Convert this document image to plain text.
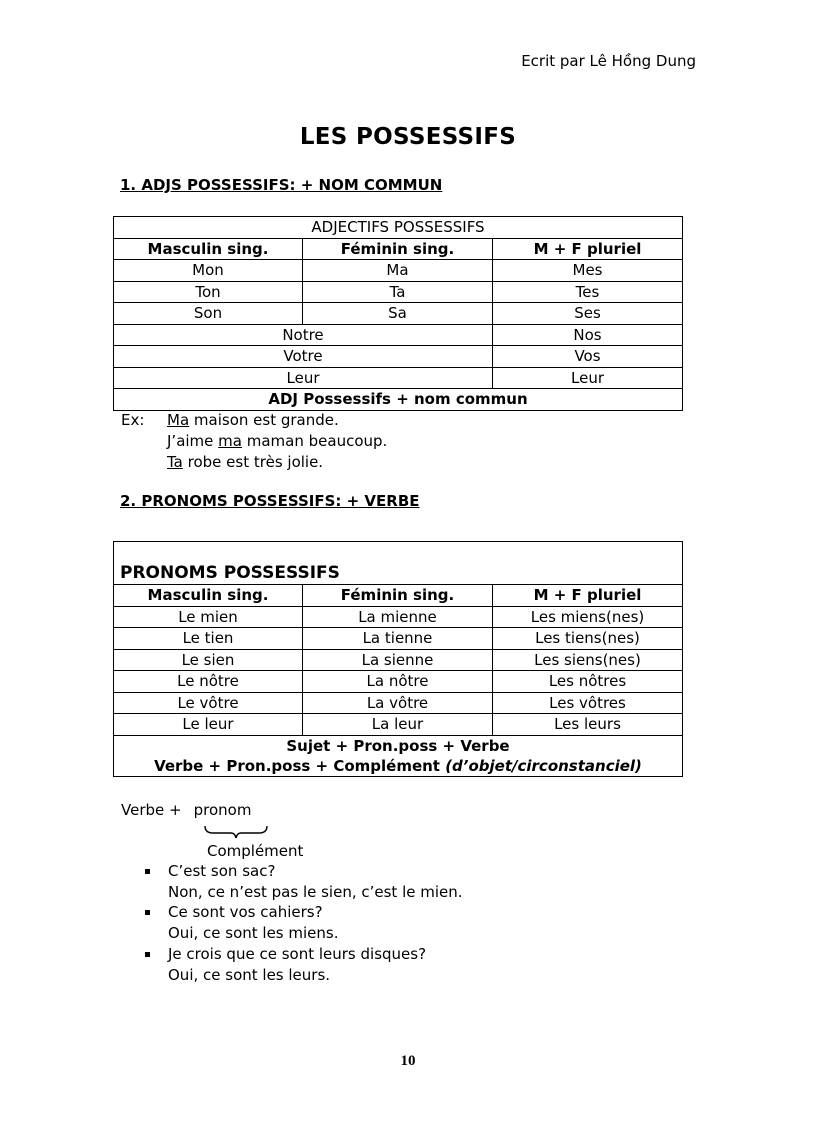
Ecrit par Lê Hồng Dung
LES POSSESSIFS
1. ADJS POSSESSIFS: + NOM COMMUN
ADJECTIFS POSSESSIFS		
Masculin sing.	Féminin sing.	M + F pluriel
Mon	Ma	Mes
Ton	Ta	Tes
Son	Sa	Ses
Notre		Nos
Votre		Vos
Leur		Leur
ADJ Possessifs + nom commun		
Ex: Ma maison est grande.
J’aime ma maman beaucoup.
Ta robe est très jolie.
2. PRONOMS POSSESSIFS: + VERBE
PRONOMS POSSESSIFS		
Masculin sing.	Féminin sing.	M + F pluriel
Le mien	La mienne	Les miens(nes)
Le tien	La tienne	Les tiens(nes)
Le sien	La sienne	Les siens(nes)
Le nôtre	La nôtre	Les nôtres
Le vôtre	La vôtre	Les vôtres
Le leur	La leur	Les leurs

Sujet + Pron.poss + Verbe
Verbe + Pron.poss + Complément (d’objet/circonstanciel)		
Verbe + pronom
Complément
C’est son sac?
Non, ce n’est pas le sien, c’est le mien.
Ce sont vos cahiers?
Oui, ce sont les miens.
Je crois que ce sont leurs disques?
Oui, ce sont les leurs.
10
